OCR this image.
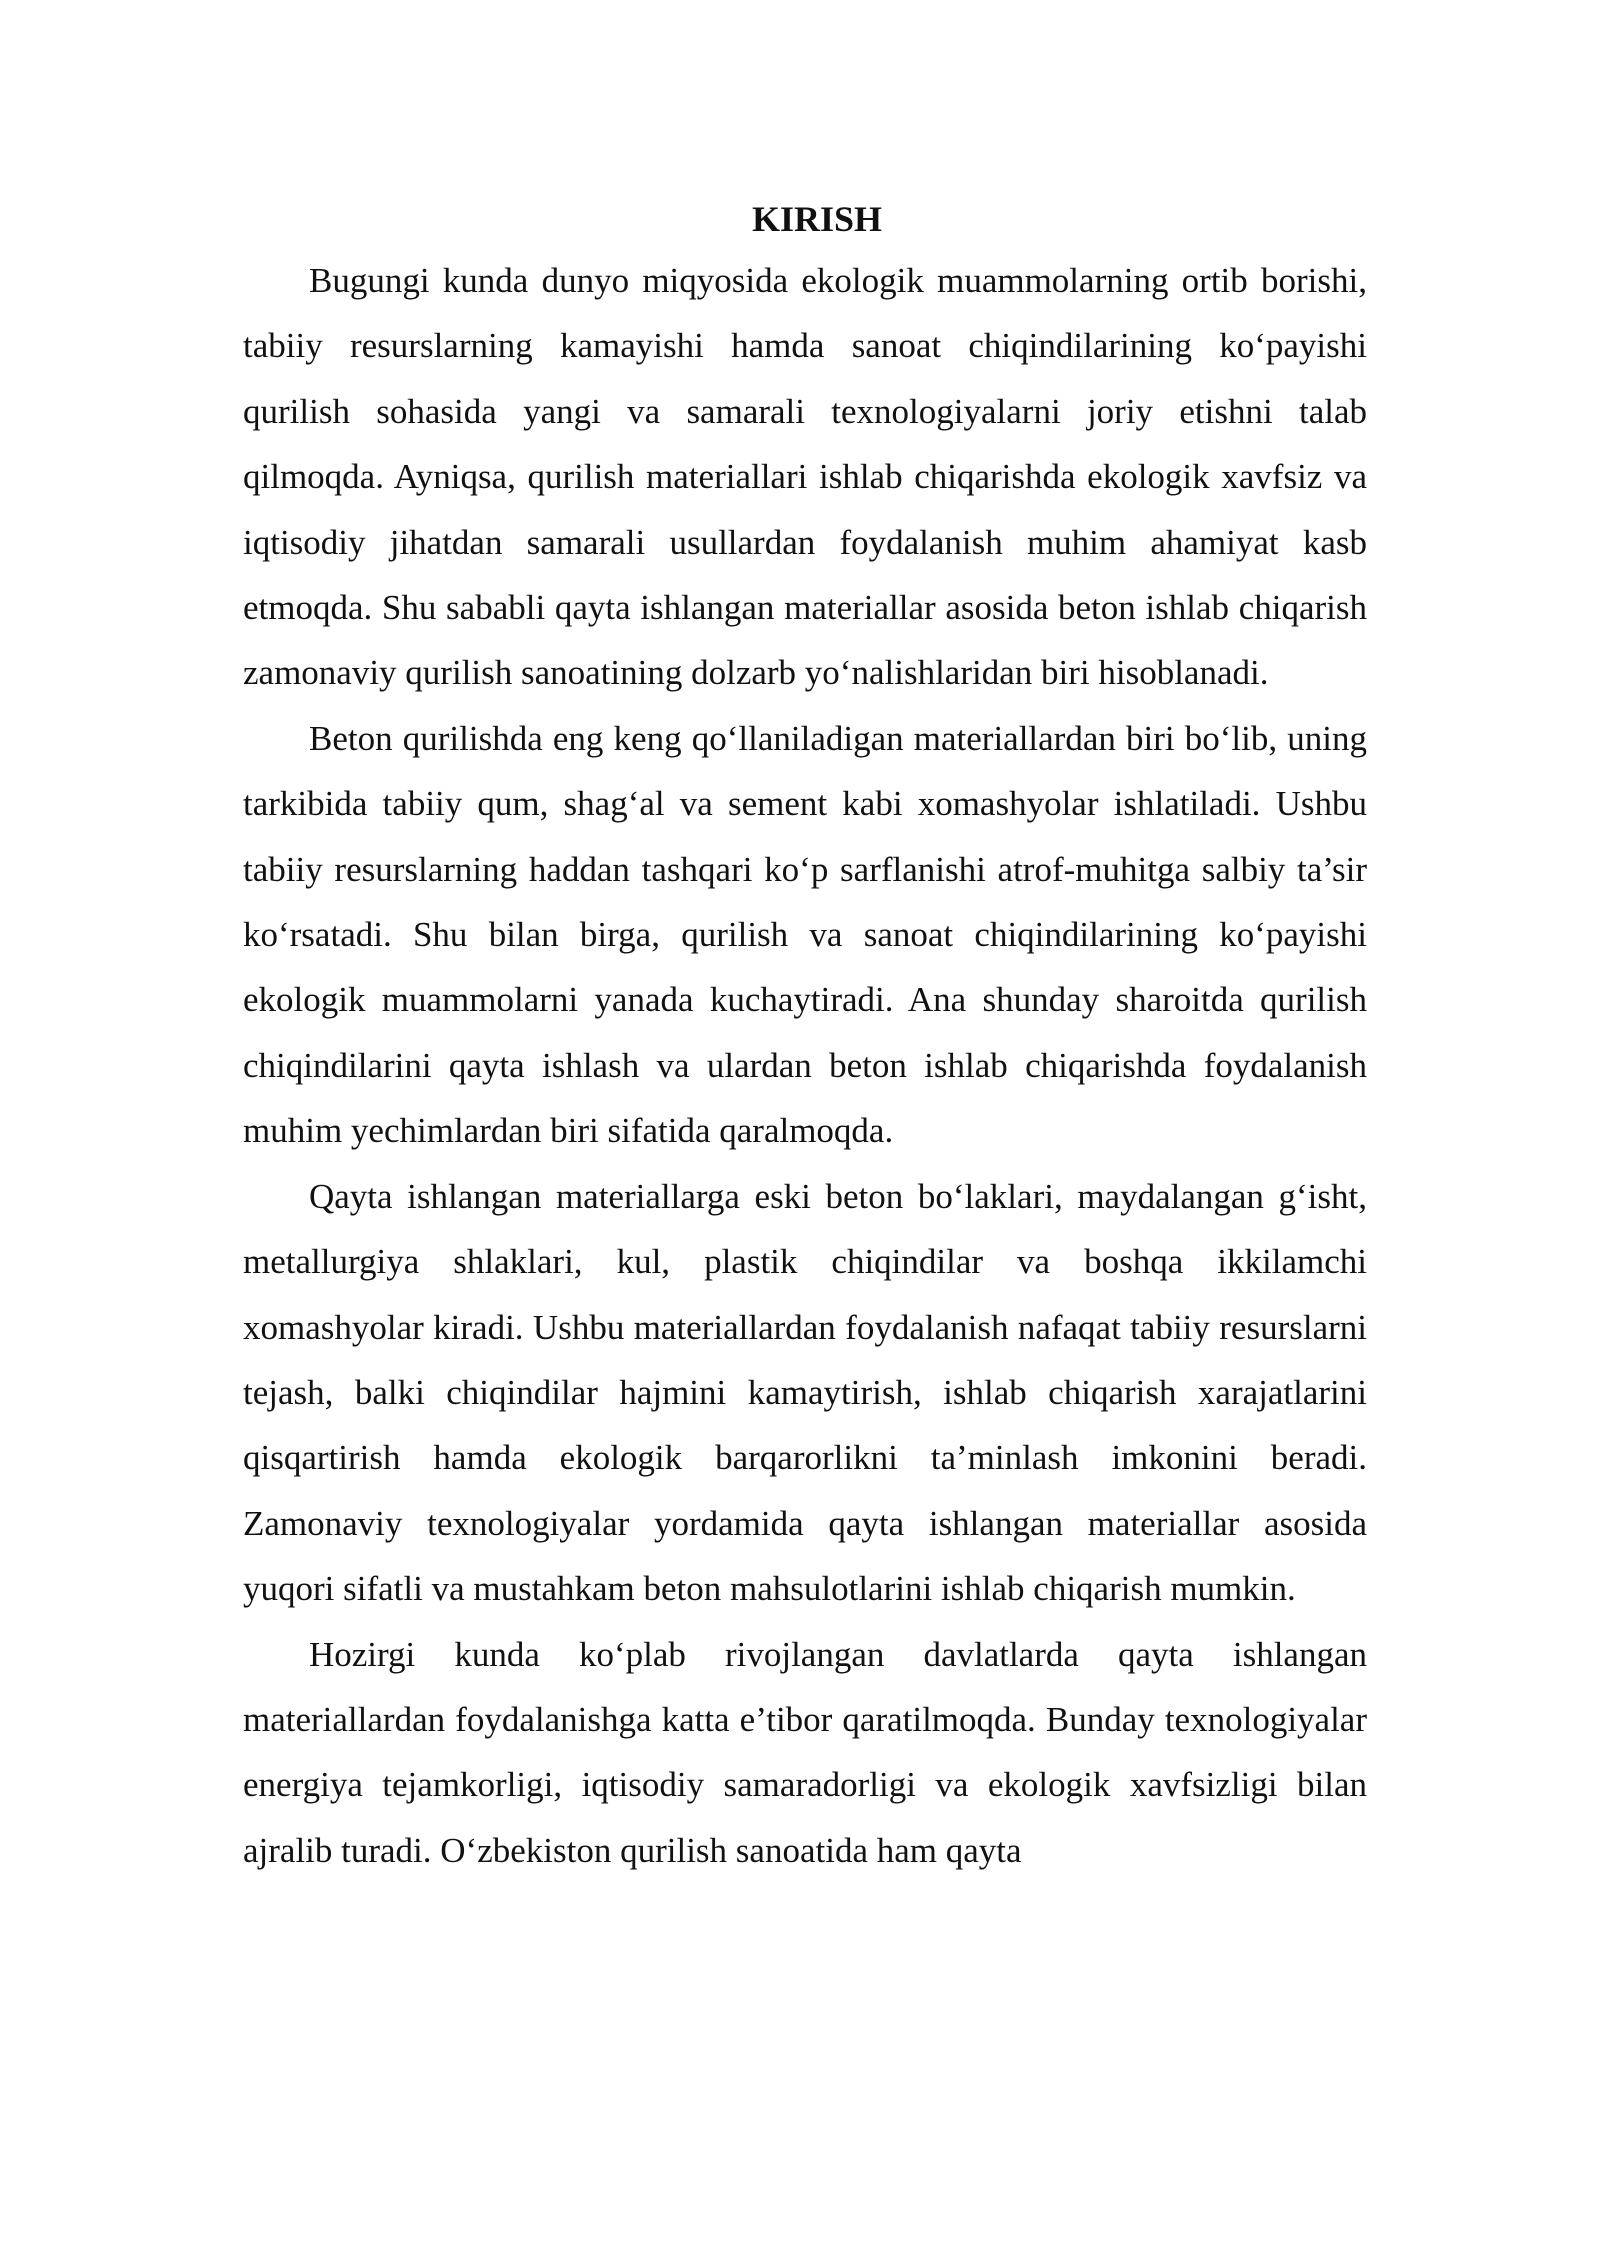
KIRISH

Bugungi kunda dunyo miqyosida ekologik muammolarning ortib borishi, tabiiy resurslarning kamayishi hamda sanoat chiqindilarining ko‘payishi qurilish sohasida yangi va samarali texnologiyalarni joriy etishni talab qilmoqda. Ayniqsa, qurilish materiallari ishlab chiqarishda ekologik xavfsiz va iqtisodiy jihatdan samarali usullardan foydalanish muhim ahamiyat kasb etmoqda. Shu sababli qayta ishlangan materiallar asosida beton ishlab chiqarish zamonaviy qurilish sanoatining dolzarb yo‘nalishlaridan biri hisoblanadi.

Beton qurilishda eng keng qo‘llaniladigan materiallardan biri bo‘lib, uning tarkibida tabiiy qum, shag‘al va sement kabi xomashyolar ishlatiladi. Ushbu tabiiy resurslarning haddan tashqari ko‘p sarflanishi atrof-muhitga salbiy ta’sir ko‘rsatadi. Shu bilan birga, qurilish va sanoat chiqindilarining ko‘payishi ekologik muammolarni yanada kuchaytiradi. Ana shunday sharoitda qurilish chiqindilarini qayta ishlash va ulardan beton ishlab chiqarishda foydalanish muhim yechimlardan biri sifatida qaralmoqda.

Qayta ishlangan materiallarga eski beton bo‘laklari, maydalangan g‘isht, metallurgiya shlaklari, kul, plastik chiqindilar va boshqa ikkilamchi xomashyolar kiradi. Ushbu materiallardan foydalanish nafaqat tabiiy resurslarni tejash, balki chiqindilar hajmini kamaytirish, ishlab chiqarish xarajatlarini qisqartirish hamda ekologik barqarorlikni ta’minlash imkonini beradi. Zamonaviy texnologiyalar yordamida qayta ishlangan materiallar asosida yuqori sifatli va mustahkam beton mahsulotlarini ishlab chiqarish mumkin.

Hozirgi kunda ko‘plab rivojlangan davlatlarda qayta ishlangan materiallardan foydalanishga katta e’tibor qaratilmoqda. Bunday texnologiyalar energiya tejamkorligi, iqtisodiy samaradorligi va ekologik xavfsizligi bilan ajralib turadi. O‘zbekiston qurilish sanoatida ham qayta
